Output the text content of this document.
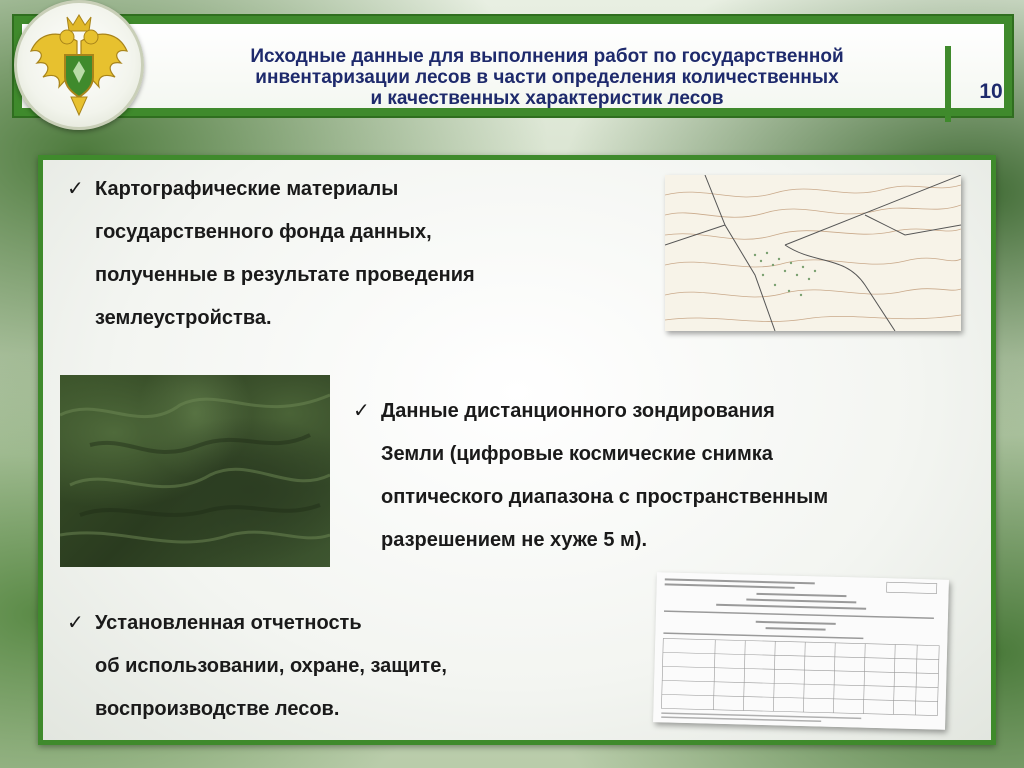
Исходные данные для выполнения работ по государственной
инвентаризации лесов в части определения количественных
и качественных характеристик лесов	10
✓ Картографические материалы
государственного фонда данных,
полученные в результате проведения
землеустройства.
✓ Данные дистанционного зондирования
Земли (цифровые космические снимка
оптического диапазона с пространственным
разрешением не хуже 5 м).
✓ Установленная отчетность
об использовании, охране, защите,
воспроизводстве лесов.
